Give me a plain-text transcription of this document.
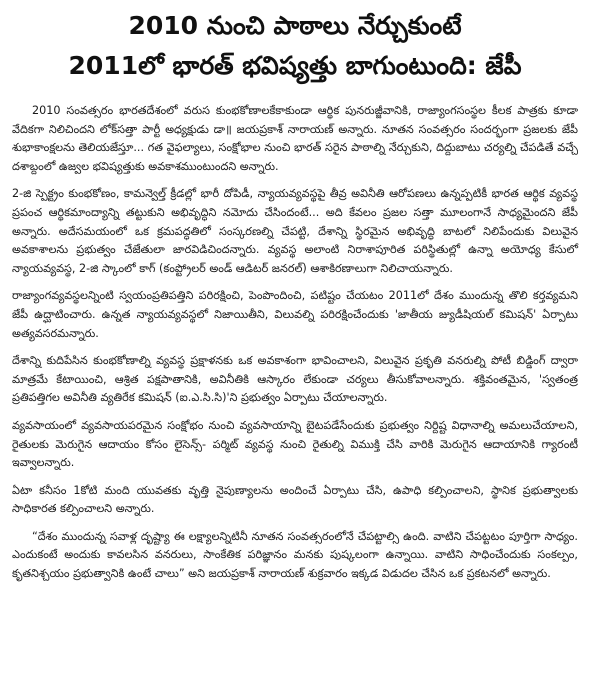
2010 నుంచి పాఠాలు నేర్చుకుంటే
2011లో భారత్ భవిష్యత్తు బాగుంటుంది: జేపీ

2010 సంవత్సరం భారతదేశంలో వరుస కుంభకోణాలకేకాకుండా ఆర్థిక పునరుజ్జీవానికి, రాజ్యాంగసంస్థల కీలక పాత్రకు కూడా వేదికగా నిలిచిందని లోక్‌సత్తా పార్టీ అధ్యక్షుడు డా॥ జయప్రకాశ్ నారాయణ్ అన్నారు. నూతన సంవత్సరం సందర్భంగా ప్రజలకు జేపీ శుభాకాంక్షలను తెలియజేస్తూ... గత వైఫల్యాలు, సంక్షోభాల నుంచి భారత్ సరైన పాఠాల్ని నేర్చుకుని, దిద్దుబాటు చర్యల్ని చేపడితే వచ్చే దశాబ్దంలో ఉజ్వల భవిష్యత్తుకు అవకాశముంటుందని అన్నారు.

2-జి స్పెక్ట్రం కుంభకోణం, కామన్వెల్త్ క్రీడల్లో భారీ దోపిడీ, న్యాయవ్యవస్థపై తీవ్ర అవినీతి ఆరోపణలు ఉన్నప్పటికీ భారత ఆర్థిక వ్యవస్థ ప్రపంచ ఆర్థికమాంద్యాన్ని తట్టుకుని అభివృద్ధిని నమోదు చేసిందంటే... అది కేవలం ప్రజల సత్తా మూలంగానే సాధ్యమైందని జేపీ అన్నారు. అదేసమయంలో ఒక క్రమపద్ధతిలో సంస్కరణల్ని చేపట్టి, దేశాన్ని స్థిరమైన అభివృద్ధి బాటలో నిలిపేందుకు విలువైన అవకాశాలను ప్రభుత్వం చేజేతులా జారవిడిచిందన్నారు. వ్యవస్థ అలాంటి నిరాశాపూరిత పరిస్థితుల్లో ఉన్నా అయోధ్య కేసులో న్యాయవ్యవస్థ, 2-జి స్కాంలో కాగ్ (కంప్ట్రోలర్ అండ్ ఆడిటర్ జనరల్) ఆశాకిరణాలుగా నిలిచాయన్నారు.

రాజ్యాంగవ్యవస్థలన్నింటి స్వయంప్రతిపత్తిని పరిరక్షించి, పెంపొందించి, పటిష్టం చేయటం 2011లో దేశం ముందున్న తొలి కర్తవ్యమని జేపీ ఉద్ఘాటించారు. ఉన్నత న్యాయవ్యవస్థలో నిజాయితీని, విలువల్ని పరిరక్షించేందుకు 'జాతీయ జ్యుడీషియల్ కమిషన్' ఏర్పాటు అత్యవసరమన్నారు.

దేశాన్ని కుదిపేసిన కుంభకోణాల్ని వ్యవస్థ ప్రక్షాళనకు ఒక అవకాశంగా భావించాలని, విలువైన ప్రకృతి వనరుల్ని పోటీ బిడ్డింగ్ ద్వారా మాత్రమే కేటాయించి, ఆశ్రిత పక్షపాతానికి, అవినీతికి ఆస్కారం లేకుండా చర్యలు తీసుకోవాలన్నారు. శక్తివంతమైన, 'స్వతంత్ర ప్రతిపత్తిగల అవినీతి వ్యతిరేక కమిషన్ (ఐ.ఎ.సి.సి)'ని ప్రభుత్వం ఏర్పాటు చేయాలన్నారు.

వ్యవసాయంలో వ్యవసాయపరమైన సంక్షోభం నుంచి వ్యవసాయాన్ని బైటపడేసేందుకు ప్రభుత్వం నిర్దిష్ట విధానాల్ని అమలుచేయాలని, రైతులకు మెరుగైన ఆదాయం కోసం లైసెన్స్- పర్మిట్ వ్యవస్థ నుంచి రైతుల్ని విముక్తి చేసి వారికి మెరుగైన ఆదాయానికి గ్యారంటీ ఇవ్వాలన్నారు.

ఏటా కనీసం 1కోటి మంది యువతకు వృత్తి నైపుణ్యాలను అందించే ఏర్పాటు చేసి, ఉపాధి కల్పించాలని, స్థానిక ప్రభుత్వాలకు సాధికారత కల్పించాలని అన్నారు.

“దేశం ముందున్న సవాళ్ల దృష్ట్యా ఈ లక్ష్యాలన్నిటినీ నూతన సంవత్సరంలోనే చేపట్టాల్సి ఉంది. వాటిని చేపట్టటం పూర్తిగా సాధ్యం. ఎందుకంటే అందుకు కావలసిన వనరులు, సాంకేతిక పరిజ్ఞానం మనకు పుష్కలంగా ఉన్నాయి. వాటిని సాధించేందుకు సంకల్పం, కృతనిశ్చయం ప్రభుత్వానికి ఉంటే చాలు” అని జయప్రకాశ్ నారాయణ్ శుక్రవారం ఇక్కడ విడుదల చేసిన ఒక ప్రకటనలో అన్నారు.
